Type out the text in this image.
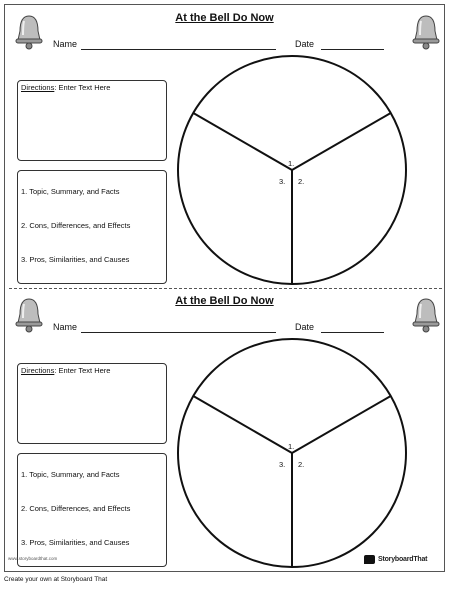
At the Bell Do Now
Name	Date
Directions: Enter Text Here
1. Topic, Summary, and Facts
2. Cons, Differences, and Effects
3. Pros, Similarities, and Causes
1.
3. 2.
At the Bell Do Now
Name	Date
Directions: Enter Text Here
1. Topic, Summary, and Facts
2. Cons, Differences, and Effects
3. Pros, Similarities, and Causes
1.
3. 2.
www.storyboardthat.com	StoryboardThat
Create your own at Storyboard That
